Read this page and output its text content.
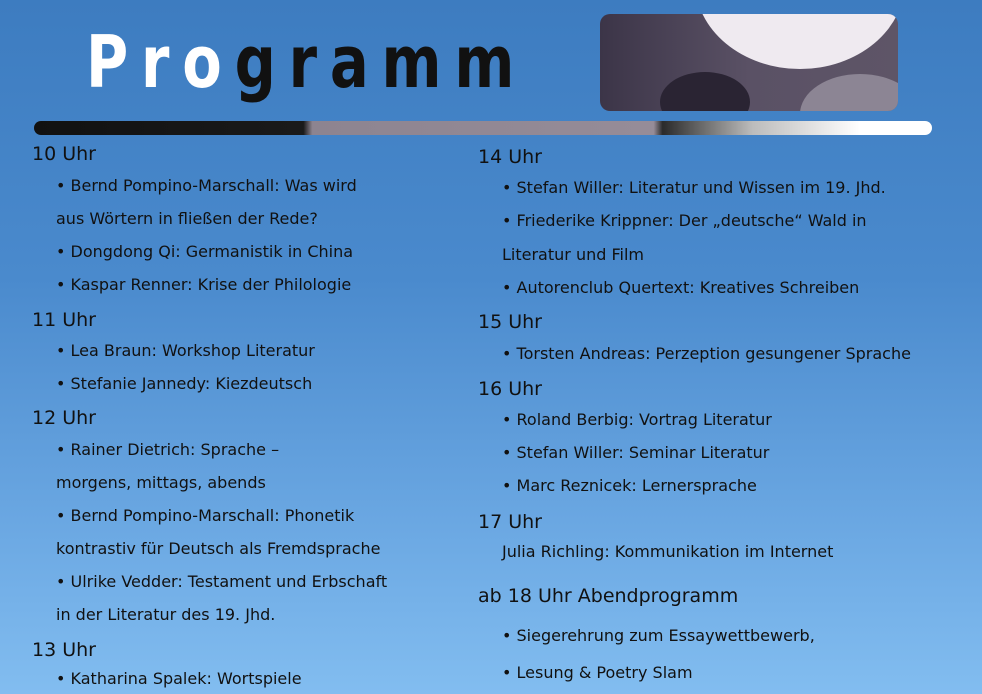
Programm
10 Uhr
• Bernd Pompino-Marschall: Was wird
aus Wörtern in fließen der Rede?
• Dongdong Qi: Germanistik in China
• Kaspar Renner: Krise der Philologie
11 Uhr
• Lea Braun: Workshop Literatur
• Stefanie Jannedy: Kiezdeutsch
12 Uhr
• Rainer Dietrich: Sprache –
morgens, mittags, abends
• Bernd Pompino-Marschall: Phonetik
kontrastiv für Deutsch als Fremdsprache
• Ulrike Vedder: Testament und Erbschaft
in der Literatur des 19. Jhd.
13 Uhr
• Katharina Spalek: Wortspiele
14 Uhr
• Stefan Willer: Literatur und Wissen im 19. Jhd.
• Friederike Krippner: Der „deutsche“ Wald in
Literatur und Film
• Autorenclub Quertext: Kreatives Schreiben
15 Uhr
• Torsten Andreas: Perzeption gesungener Sprache
16 Uhr
• Roland Berbig: Vortrag Literatur
• Stefan Willer: Seminar Literatur
• Marc Reznicek: Lernersprache
17 Uhr
Julia Richling: Kommunikation im Internet
ab 18 Uhr Abendprogramm
• Siegerehrung zum Essaywettbewerb,
• Lesung & Poetry Slam
